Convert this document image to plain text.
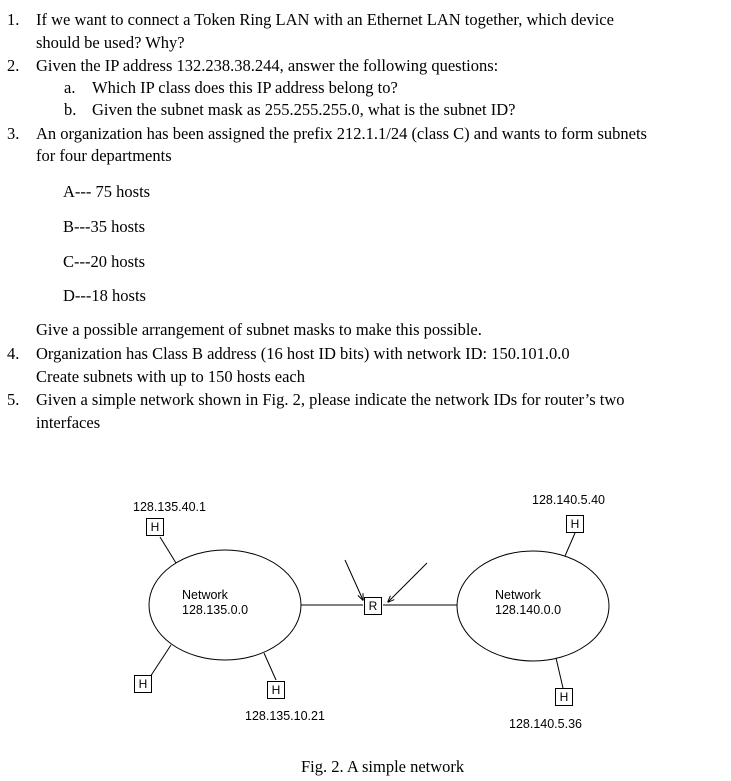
1. If we want to connect a Token Ring LAN with an Ethernet LAN together, which device
should be used? Why?
2. Given the IP address 132.238.38.244, answer the following questions:
a. Which IP class does this IP address belong to?
b. Given the subnet mask as 255.255.255.0, what is the subnet ID?
3. An organization has been assigned the prefix 212.1.1/24 (class C) and wants to form subnets
for four departments
A--- 75 hosts
B---35 hosts
C---20 hosts
D---18 hosts
Give a possible arrangement of subnet masks to make this possible.
4. Organization has Class B address (16 host ID bits) with network ID: 150.101.0.0
Create subnets with up to 150 hosts each
5. Given a simple network shown in Fig. 2, please indicate the network IDs for router’s two
interfaces
H
H	H
H
H
R
Network
128.135.0.0
Network
128.140.0.0
128.135.40.1
128.135.10.21
128.140.5.40
128.140.5.36
Fig. 2. A simple network
